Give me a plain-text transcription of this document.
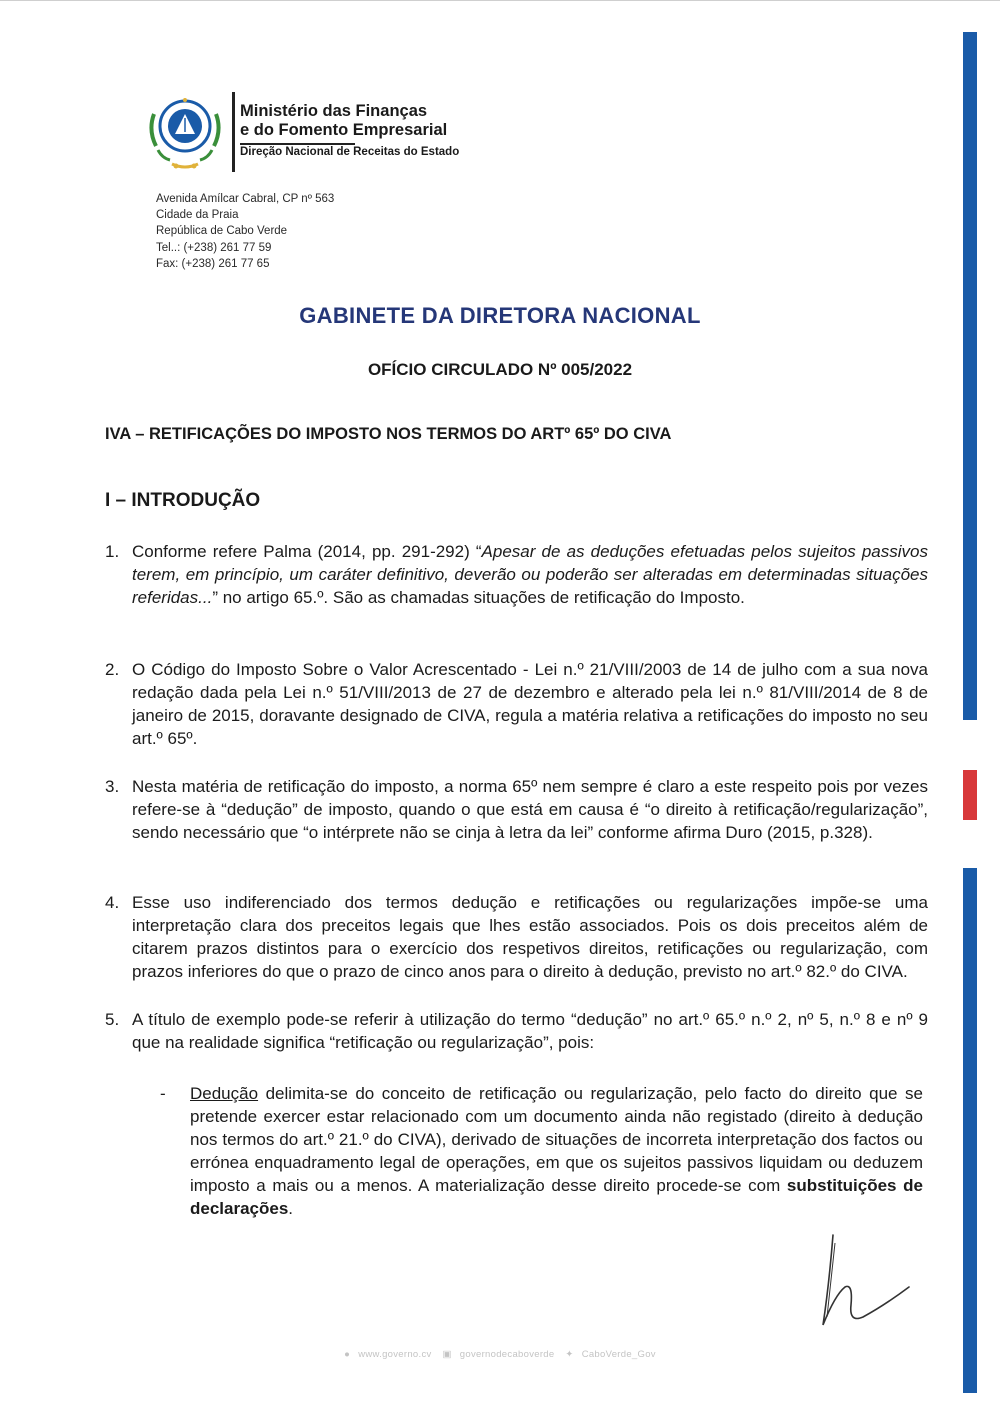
Ministério das Finanças
e do Fomento Empresarial
Direção Nacional de Receitas do Estado
Avenida Amílcar Cabral, CP nº 563
Cidade da Praia
República de Cabo Verde
Tel..: (+238) 261 77 59
Fax: (+238) 261 77 65
GABINETE DA DIRETORA NACIONAL
OFÍCIO CIRCULADO Nº 005/2022
IVA – RETIFICAÇÕES DO IMPOSTO NOS TERMOS DO ARTº 65º DO CIVA
I – INTRODUÇÃO
1. Conforme refere Palma (2014, pp. 291-292) “Apesar de as deduções efetuadas pelos sujeitos passivos terem, em princípio, um caráter definitivo, deverão ou poderão ser alteradas em determinadas situações referidas...” no artigo 65.º. São as chamadas situações de retificação do Imposto.
2. O Código do Imposto Sobre o Valor Acrescentado - Lei n.º 21/VIII/2003 de 14 de julho com a sua nova redação dada pela Lei n.º 51/VIII/2013 de 27 de dezembro e alterado pela lei n.º 81/VIII/2014 de 8 de janeiro de 2015, doravante designado de CIVA, regula a matéria relativa a retificações do imposto no seu art.º 65º.
3. Nesta matéria de retificação do imposto, a norma 65º nem sempre é claro a este respeito pois por vezes refere-se à “dedução” de imposto, quando o que está em causa é “o direito à retificação/regularização”, sendo necessário que “o intérprete não se cinja à letra da lei” conforme afirma Duro (2015, p.328).
4. Esse uso indiferenciado dos termos dedução e retificações ou regularizações impõe-se uma interpretação clara dos preceitos legais que lhes estão associados. Pois os dois preceitos além de citarem prazos distintos para o exercício dos respetivos direitos, retificações ou regularização, com prazos inferiores do que o prazo de cinco anos para o direito à dedução, previsto no art.º 82.º do CIVA.
5. A título de exemplo pode-se referir à utilização do termo “dedução” no art.º 65.º n.º 2, nº 5, n.º 8 e nº 9 que na realidade significa “retificação ou regularização”, pois:
- Dedução delimita-se do conceito de retificação ou regularização, pelo facto do direito que se pretende exercer estar relacionado com um documento ainda não registado (direito à dedução nos termos do art.º 21.º do CIVA), derivado de situações de incorreta interpretação dos factos ou errónea enquadramento legal de operações, em que os sujeitos passivos liquidam ou deduzem imposto a mais ou a menos. A materialização desse direito procede-se com substituições de declarações.
● www.governo.cv ▣ governodecaboverde ✦ CaboVerde_Gov
